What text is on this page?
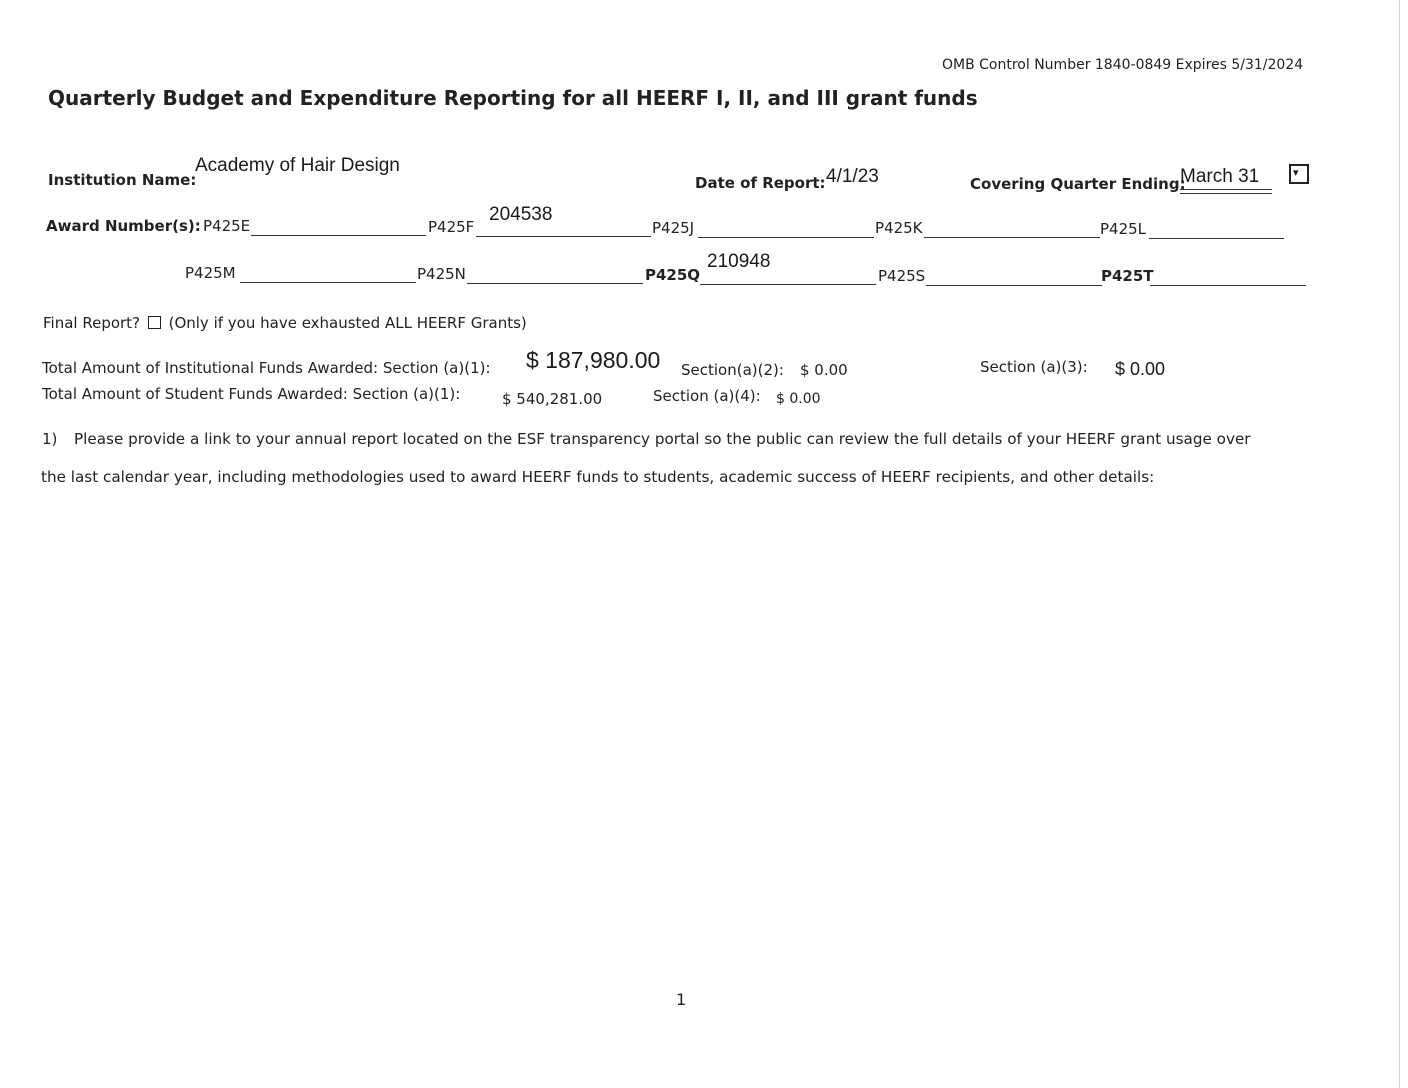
OMB Control Number 1840-0849 Expires 5/31/2024
Quarterly Budget and Expenditure Reporting for all HEERF I, II, and III grant funds
Institution Name:
Academy of Hair Design
Date of Report: 4/1/23	Covering Quarter Ending:
March 31	▾
Award Number(s): P425E	P425F
204538
P425J	P425K	P425L
P425M	P425N	P425Q
210948
P425S	P425T
Final Report? (Only if you have exhausted ALL HEERF Grants)
Total Amount of Institutional Funds Awarded: Section (a)(1): $ 187,980.00 Section(a)(2): $ 0.00	Section (a)(3): $ 0.00
Total Amount of Student Funds Awarded: Section (a)(1):	$ 540,281.00	Section (a)(4): $ 0.00
1) Please provide a link to your annual report located on the ESF transparency portal so the public can review the full details of your HEERF grant usage over
the last calendar year, including methodologies used to award HEERF funds to students, academic success of HEERF recipients, and other details:
1
